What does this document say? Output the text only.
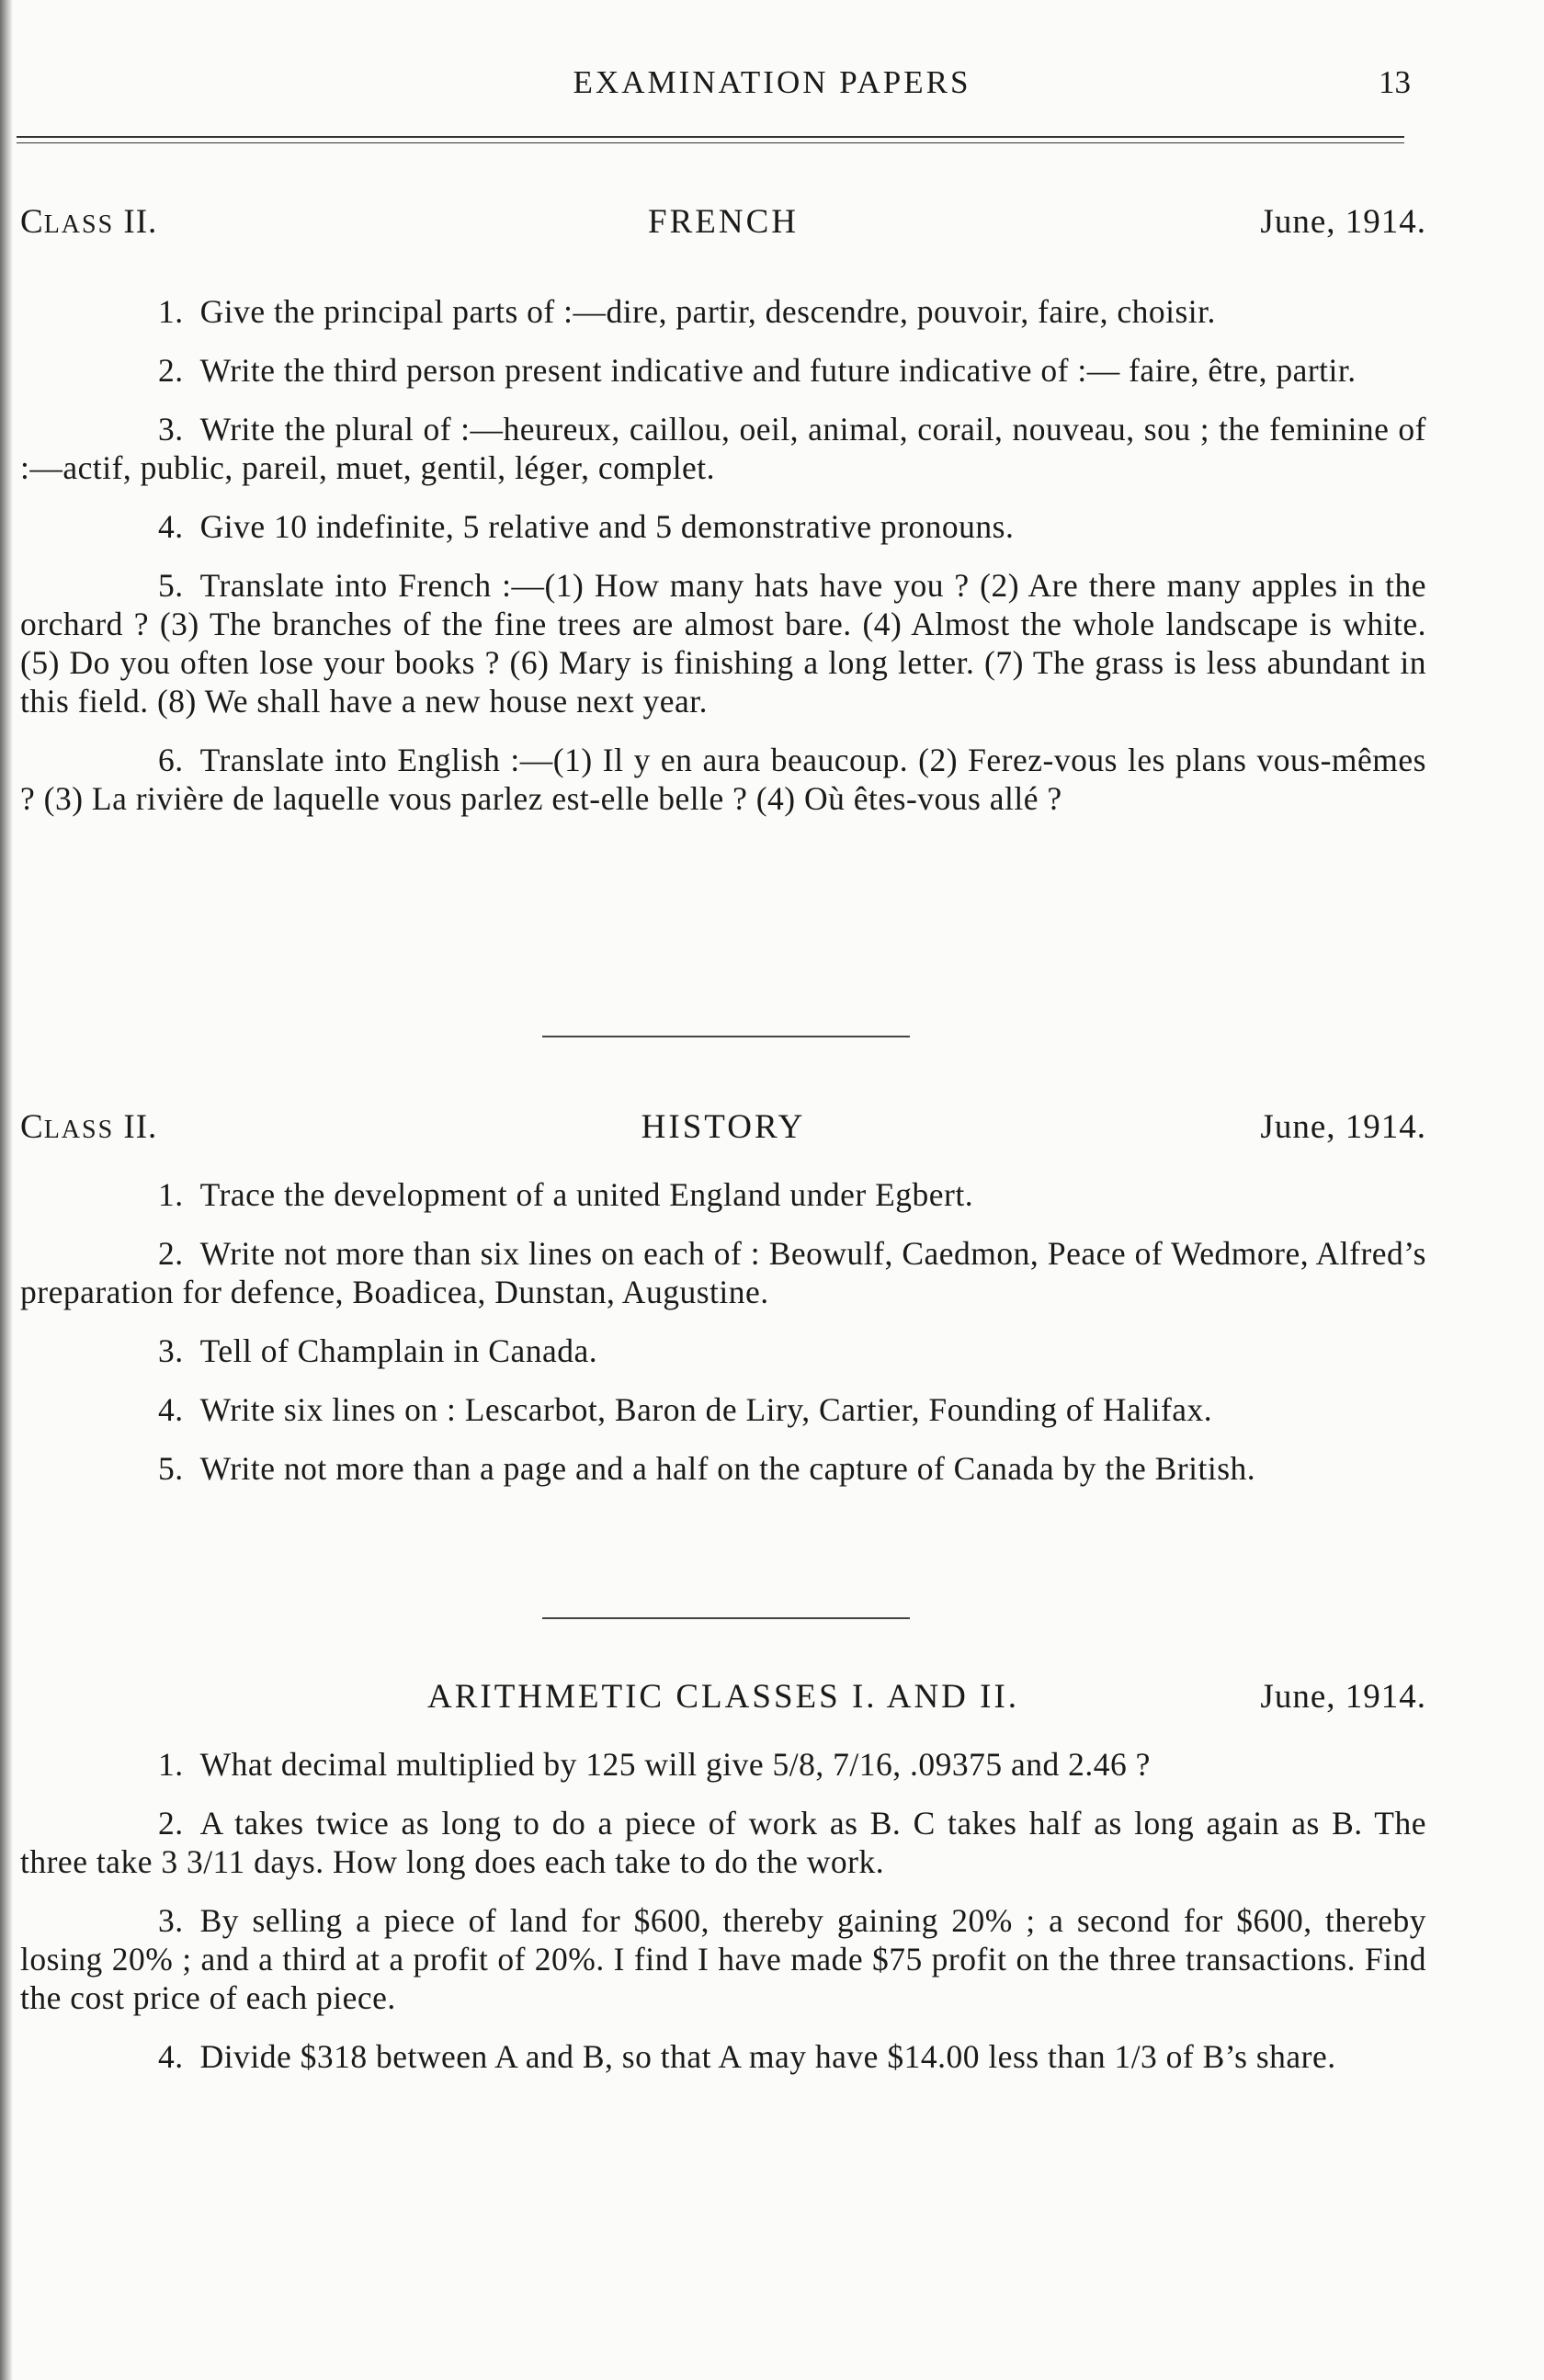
EXAMINATION PAPERS	13
CLASS II.	FRENCH	June, 1914.

1. Give the principal parts of :—dire, partir, descendre, pouvoir, faire, choisir.

2. Write the third person present indicative and future indicative of :— faire, être, partir.

3. Write the plural of :—heureux, caillou, oeil, animal, corail, nouveau, sou ; the feminine of :—actif, public, pareil, muet, gentil, léger, complet.

4. Give 10 indefinite, 5 relative and 5 demonstrative pronouns.

5. Translate into French :—(1) How many hats have you ? (2) Are there many apples in the orchard ? (3) The branches of the fine trees are almost bare. (4) Almost the whole landscape is white. (5) Do you often lose your books ? (6) Mary is finishing a long letter. (7) The grass is less abundant in this field. (8) We shall have a new house next year.

6. Translate into English :—(1) Il y en aura beaucoup. (2) Ferez-vous les plans vous-mêmes ? (3) La rivière de laquelle vous parlez est-elle belle ? (4) Où êtes-vous allé ?

CLASS II.	HISTORY	June, 1914.

1. Trace the development of a united England under Egbert.

2. Write not more than six lines on each of : Beowulf, Caedmon, Peace of Wedmore, Alfred’s preparation for defence, Boadicea, Dunstan, Augustine.

3. Tell of Champlain in Canada.

4. Write six lines on : Lescarbot, Baron de Liry, Cartier, Founding of Halifax.

5. Write not more than a page and a half on the capture of Canada by the British.

ARITHMETIC CLASSES I. AND II.	June, 1914.

1. What decimal multiplied by 125 will give 5/8, 7/16, .09375 and 2.46 ?

2. A takes twice as long to do a piece of work as B. C takes half as long again as B. The three take 3 3/11 days. How long does each take to do the work.

3. By selling a piece of land for $600, thereby gaining 20% ; a second for $600, thereby losing 20% ; and a third at a profit of 20%. I find I have made $75 profit on the three transactions. Find the cost price of each piece.

4. Divide $318 between A and B, so that A may have $14.00 less than 1/3 of B’s share.
